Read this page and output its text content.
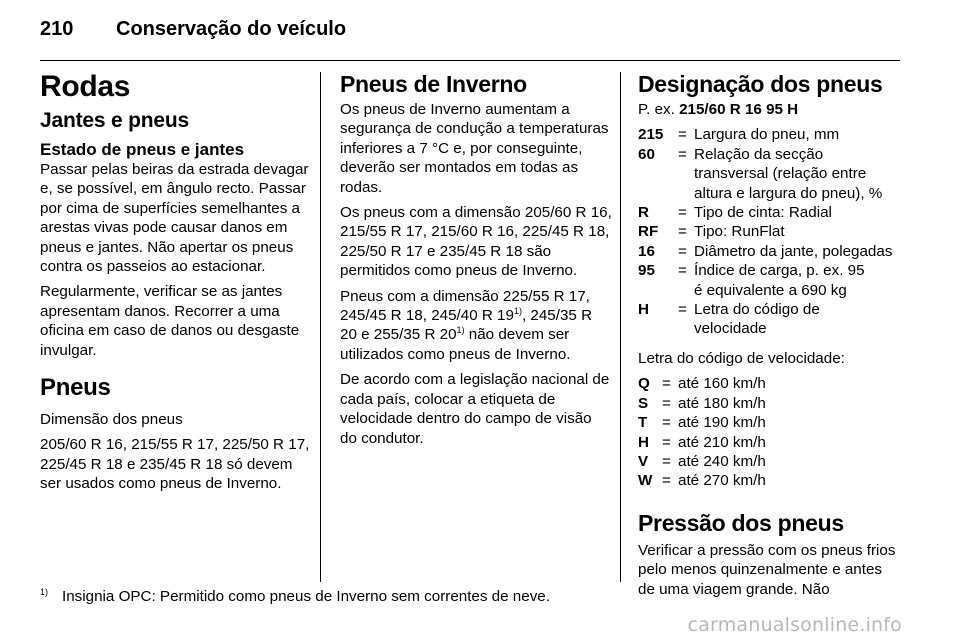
210 Conservação do veículo
Rodas
Jantes e pneus
Estado de pneus e jantes

Passar pelas beiras da estrada devagar e, se possível, em ângulo recto. Passar por cima de superfícies semelhantes a arestas vivas pode causar danos em pneus e jantes. Não apertar os pneus contra os passeios ao estacionar.

Regularmente, verificar se as jantes apresentam danos. Recorrer a uma oficina em caso de danos ou desgaste invulgar.

Pneus

Dimensão dos pneus

205/60 R 16, 215/55 R 17, 225/50 R 17, 225/45 R 18 e 235/45 R 18 só devem ser usados como pneus de Inverno.

Pneus de Inverno

Os pneus de Inverno aumentam a segurança de condução a temperaturas inferiores a 7 °C e, por conseguinte, deverão ser montados em todas as rodas.

Os pneus com a dimensão 205/60 R 16, 215/55 R 17, 215/60 R 16, 225/45 R 18, 225/50 R 17 e 235/45 R 18 são permitidos como pneus de Inverno.

Pneus com a dimensão 225/55 R 17, 245/45 R 18, 245/40 R 19$^{1)}$, 245/35 R 20 e 255/35 R 20$^{1)}$ não devem ser utilizados como pneus de Inverno.

De acordo com a legislação nacional de cada país, colocar a etiqueta de velocidade dentro do campo de visão do condutor.

Designação dos pneus

P. ex. 215/60 R 16 95 H

215 = Largura do pneu, mm
60	= Relação da secção
transversal (relação entre
altura e largura do pneu), %
R	= Tipo de cinta: Radial
RF	= Tipo: RunFlat
16	= Diâmetro da jante, polegadas
95	= Índice de carga, p. ex. 95
é equivalente a 690 kg
H	= Letra do código de
velocidade

Letra do código de velocidade:

Q = até 160 km/h
S = até 180 km/h
T = até 190 km/h
H = até 210 km/h
V = até 240 km/h
W = até 270 km/h
Pressão dos pneus

Verificar a pressão com os pneus frios pelo menos quinzenalmente e antes de uma viagem grande. Não

$^{1)}$ Insignia OPC: Permitido como pneus de Inverno sem correntes de neve.
carmanualsonline.info
